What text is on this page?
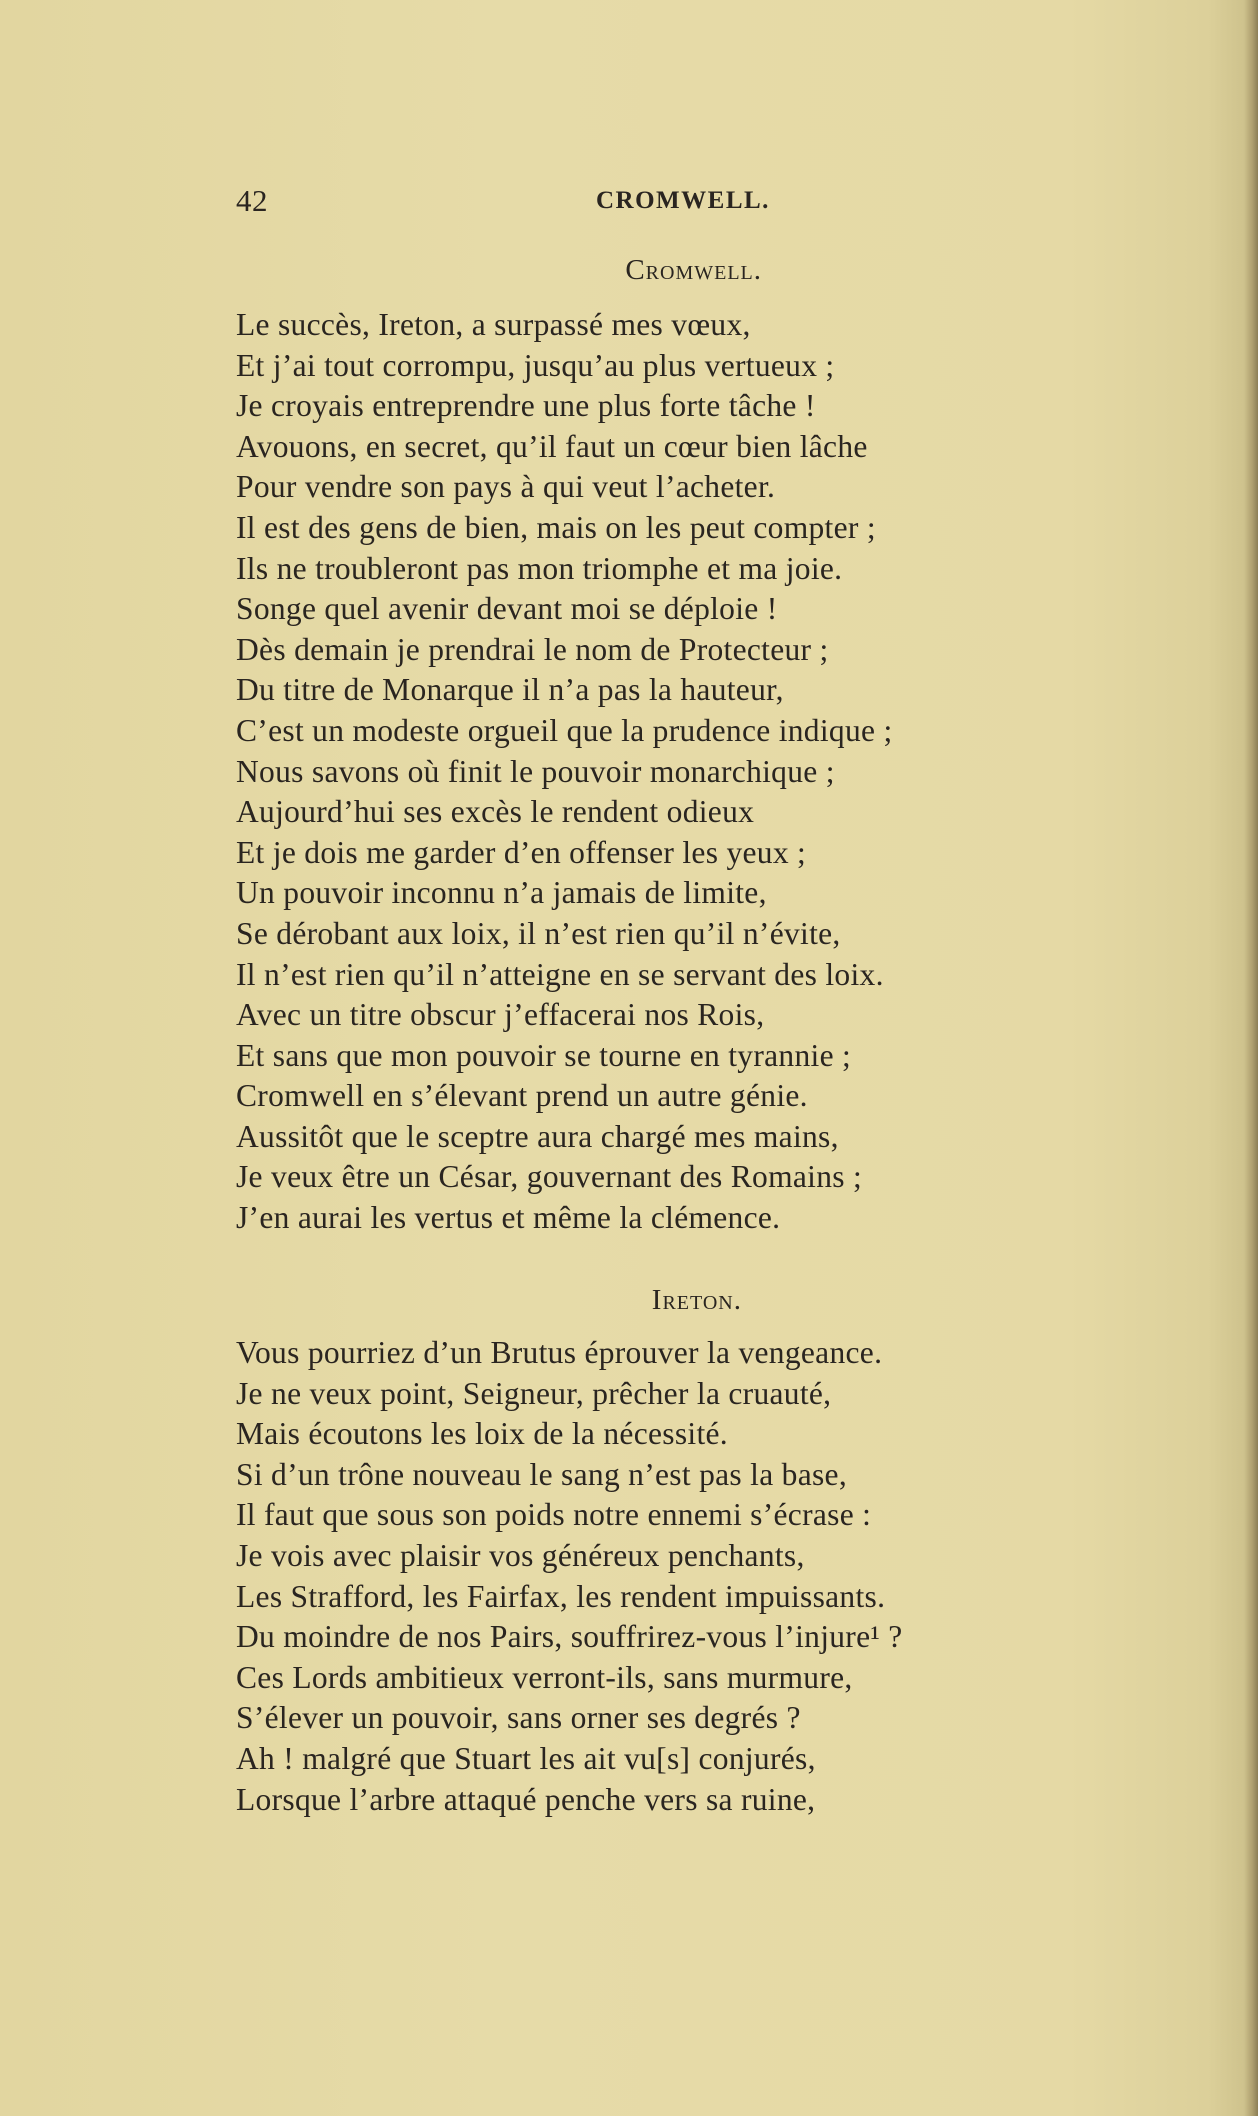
42	CROMWELL.
Cromwell.
Le succès, Ireton, a surpassé mes vœux,
Et j’ai tout corrompu, jusqu’au plus vertueux ;
Je croyais entreprendre une plus forte tâche !
Avouons, en secret, qu’il faut un cœur bien lâche
Pour vendre son pays à qui veut l’acheter.
Il est des gens de bien, mais on les peut compter ;
Ils ne troubleront pas mon triomphe et ma joie.
Songe quel avenir devant moi se déploie !
Dès demain je prendrai le nom de Protecteur ;
Du titre de Monarque il n’a pas la hauteur,
C’est un modeste orgueil que la prudence indique ;
Nous savons où finit le pouvoir monarchique ;
Aujourd’hui ses excès le rendent odieux
Et je dois me garder d’en offenser les yeux ;
Un pouvoir inconnu n’a jamais de limite,
Se dérobant aux loix, il n’est rien qu’il n’évite,
Il n’est rien qu’il n’atteigne en se servant des loix.
Avec un titre obscur j’effacerai nos Rois,
Et sans que mon pouvoir se tourne en tyrannie ;
Cromwell en s’élevant prend un autre génie.
Aussitôt que le sceptre aura chargé mes mains,
Je veux être un César, gouvernant des Romains ;
J’en aurai les vertus et même la clémence.
Ireton.
Vous pourriez d’un Brutus éprouver la vengeance.
Je ne veux point, Seigneur, prêcher la cruauté,
Mais écoutons les loix de la nécessité.
Si d’un trône nouveau le sang n’est pas la base,
Il faut que sous son poids notre ennemi s’écrase :
Je vois avec plaisir vos généreux penchants,
Les Strafford, les Fairfax, les rendent impuissants.
Du moindre de nos Pairs, souffrirez-vous l’injure¹ ?
Ces Lords ambitieux verront-ils, sans murmure,
S’élever un pouvoir, sans orner ses degrés ?
Ah ! malgré que Stuart les ait vu[s] conjurés,
Lorsque l’arbre attaqué penche vers sa ruine,
